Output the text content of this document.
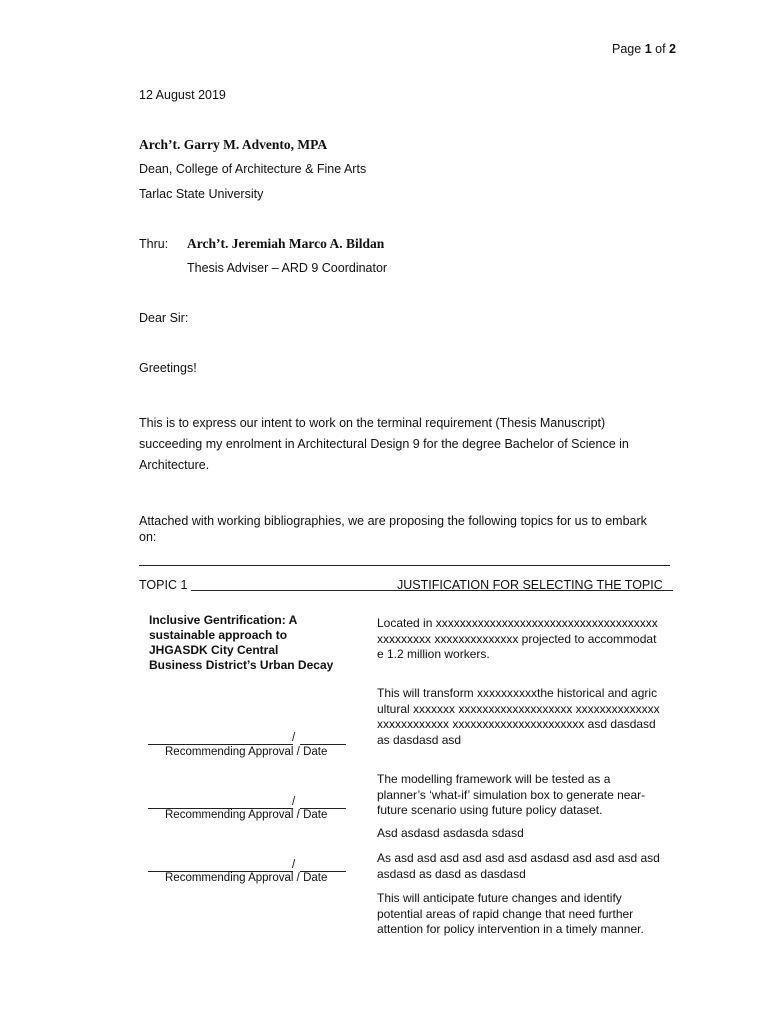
Page 1 of 2
12 August 2019
Arch’t. Garry M. Advento, MPA
Dean, College of Architecture & Fine Arts
Tarlac State University
Thru: Arch’t. Jeremiah Marco A. Bildan
Thesis Adviser – ARD 9 Coordinator
Dear Sir:
Greetings!
This is to express our intent to work on the terminal requirement (Thesis Manuscript)
succeeding my enrolment in Architectural Design 9 for the degree Bachelor of Science in
Architecture.
Attached with working bibliographies, we are proposing the following topics for us to embark
on:
TOPIC 1	JUSTIFICATION FOR SELECTING THE TOPIC
Inclusive Gentrification: A
sustainable approach to
JHGASDK City Central
Business District’s Urban Decay
/
Recommending Approval / Date
/
Recommending Approval / Date
/
Recommending Approval / Date
Located in xxxxxxxxxxxxxxxxxxxxxxxxxxxxxxxxxxxxxxxxxxxxxx xxxxxxxxxxxxxx projected to accommodate 1.2 million workers.
This will transform xxxxxxxxxxthe historical and agricultural xxxxxxx xxxxxxxxxxxxxxxxxxx xxxxxxxxxxxxxxxxxxxxxxxxxx xxxxxxxxxxxxxxxxxxxxxx asd dasdasdas dasdasd asd
The modelling framework will be tested as a planner’s ‘what-if’ simulation box to generate near-future scenario using future policy dataset.
Asd asdasd asdasda sdasd
As asd asd asd asd asd asd asdasd asd asd asd asd asdasd as dasd as dasdasd
This will anticipate future changes and identify potential areas of rapid change that need further attention for policy intervention in a timely manner.
